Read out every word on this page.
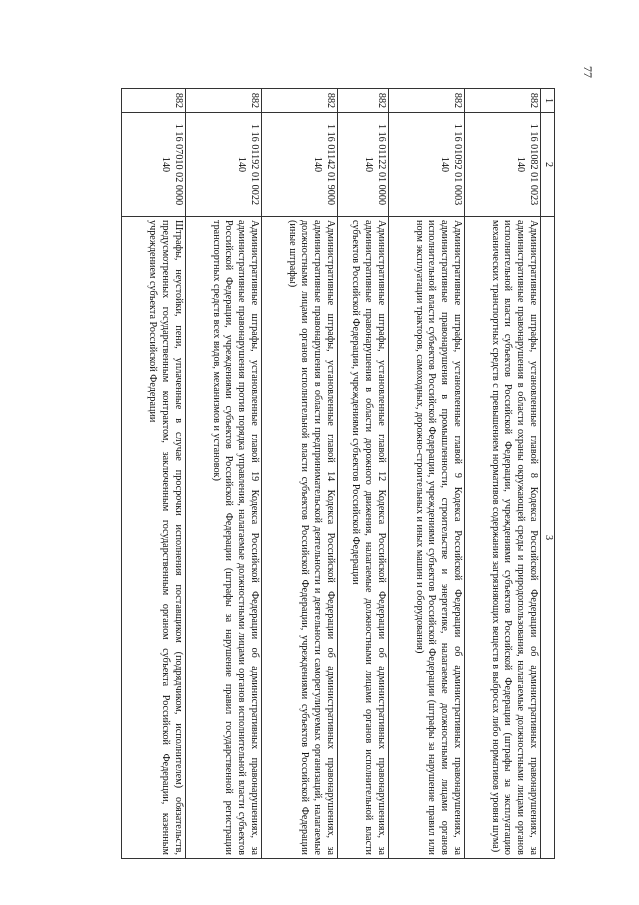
77
1	2	3
882	1 16 01082 01 0023 140	Административные штрафы, установленные главой 8 Кодекса Российской Федерации об административных правонарушениях, за административные правонарушения в области охраны окружающей среды и природопользования, налагаемые должностными лицами органов исполнительной власти субъектов Российской Федерации, учреждениями субъектов Российской Федерации (штрафы за эксплуатацию механических транспортных средств с превышением нормативов содержания загрязняющих веществ в выбросах либо нормативов уровня шума)
882	1 16 01092 01 0003 140	Административные штрафы, установленные главой 9 Кодекса Российской Федерации об административных правонарушениях, за административные правонарушения в промышленности, строительстве и энергетике, налагаемые должностными лицами органов исполнительной власти субъектов Российской Федерации, учреждениями субъектов Российской Федерации (штрафы за нарушение правил или норм эксплуатации тракторов, самоходных, дорожно-строительных и иных машин и оборудования)
882	1 16 01122 01 0000 140	Административные штрафы, установленные главой 12 Кодекса Российской Федерации об административных правонарушениях, за административные правонарушения в области дорожного движения, налагаемые должностными лицами органов исполнительной власти субъектов Российской Федерации, учреждениями субъектов Российской Федерации
882	1 16 01142 01 9000 140	Административные штрафы, установленные главой 14 Кодекса Российской Федерации об административных правонарушениях, за административные правонарушения в области предпринимательской деятельности и деятельности саморегулируемых организаций, налагаемые должностными лицами органов исполнительной власти субъектов Российской Федерации, учреждениями субъектов Российской Федерации (иные штрафы)
882	1 16 01192 01 0022 140	Административные штрафы, установленные главой 19 Кодекса Российской Федерации об административных правонарушениях, за административные правонарушения против порядка управления, налагаемые должностными лицами органов исполнительной власти субъектов Российской Федерации, учреждениями субъектов Российской Федерации (штрафы за нарушение правил государственной регистрации транспортных средств всех видов, механизмов и установок)
882	1 16 07010 02 0000 140	Штрафы, неустойки, пени, уплаченные в случае просрочки исполнения поставщиком (подрядчиком, исполнителем) обязательств, предусмотренных государственным контрактом, заключенным государственным органом субъекта Российской Федерации, казенным учреждением субъекта Российской Федерации
